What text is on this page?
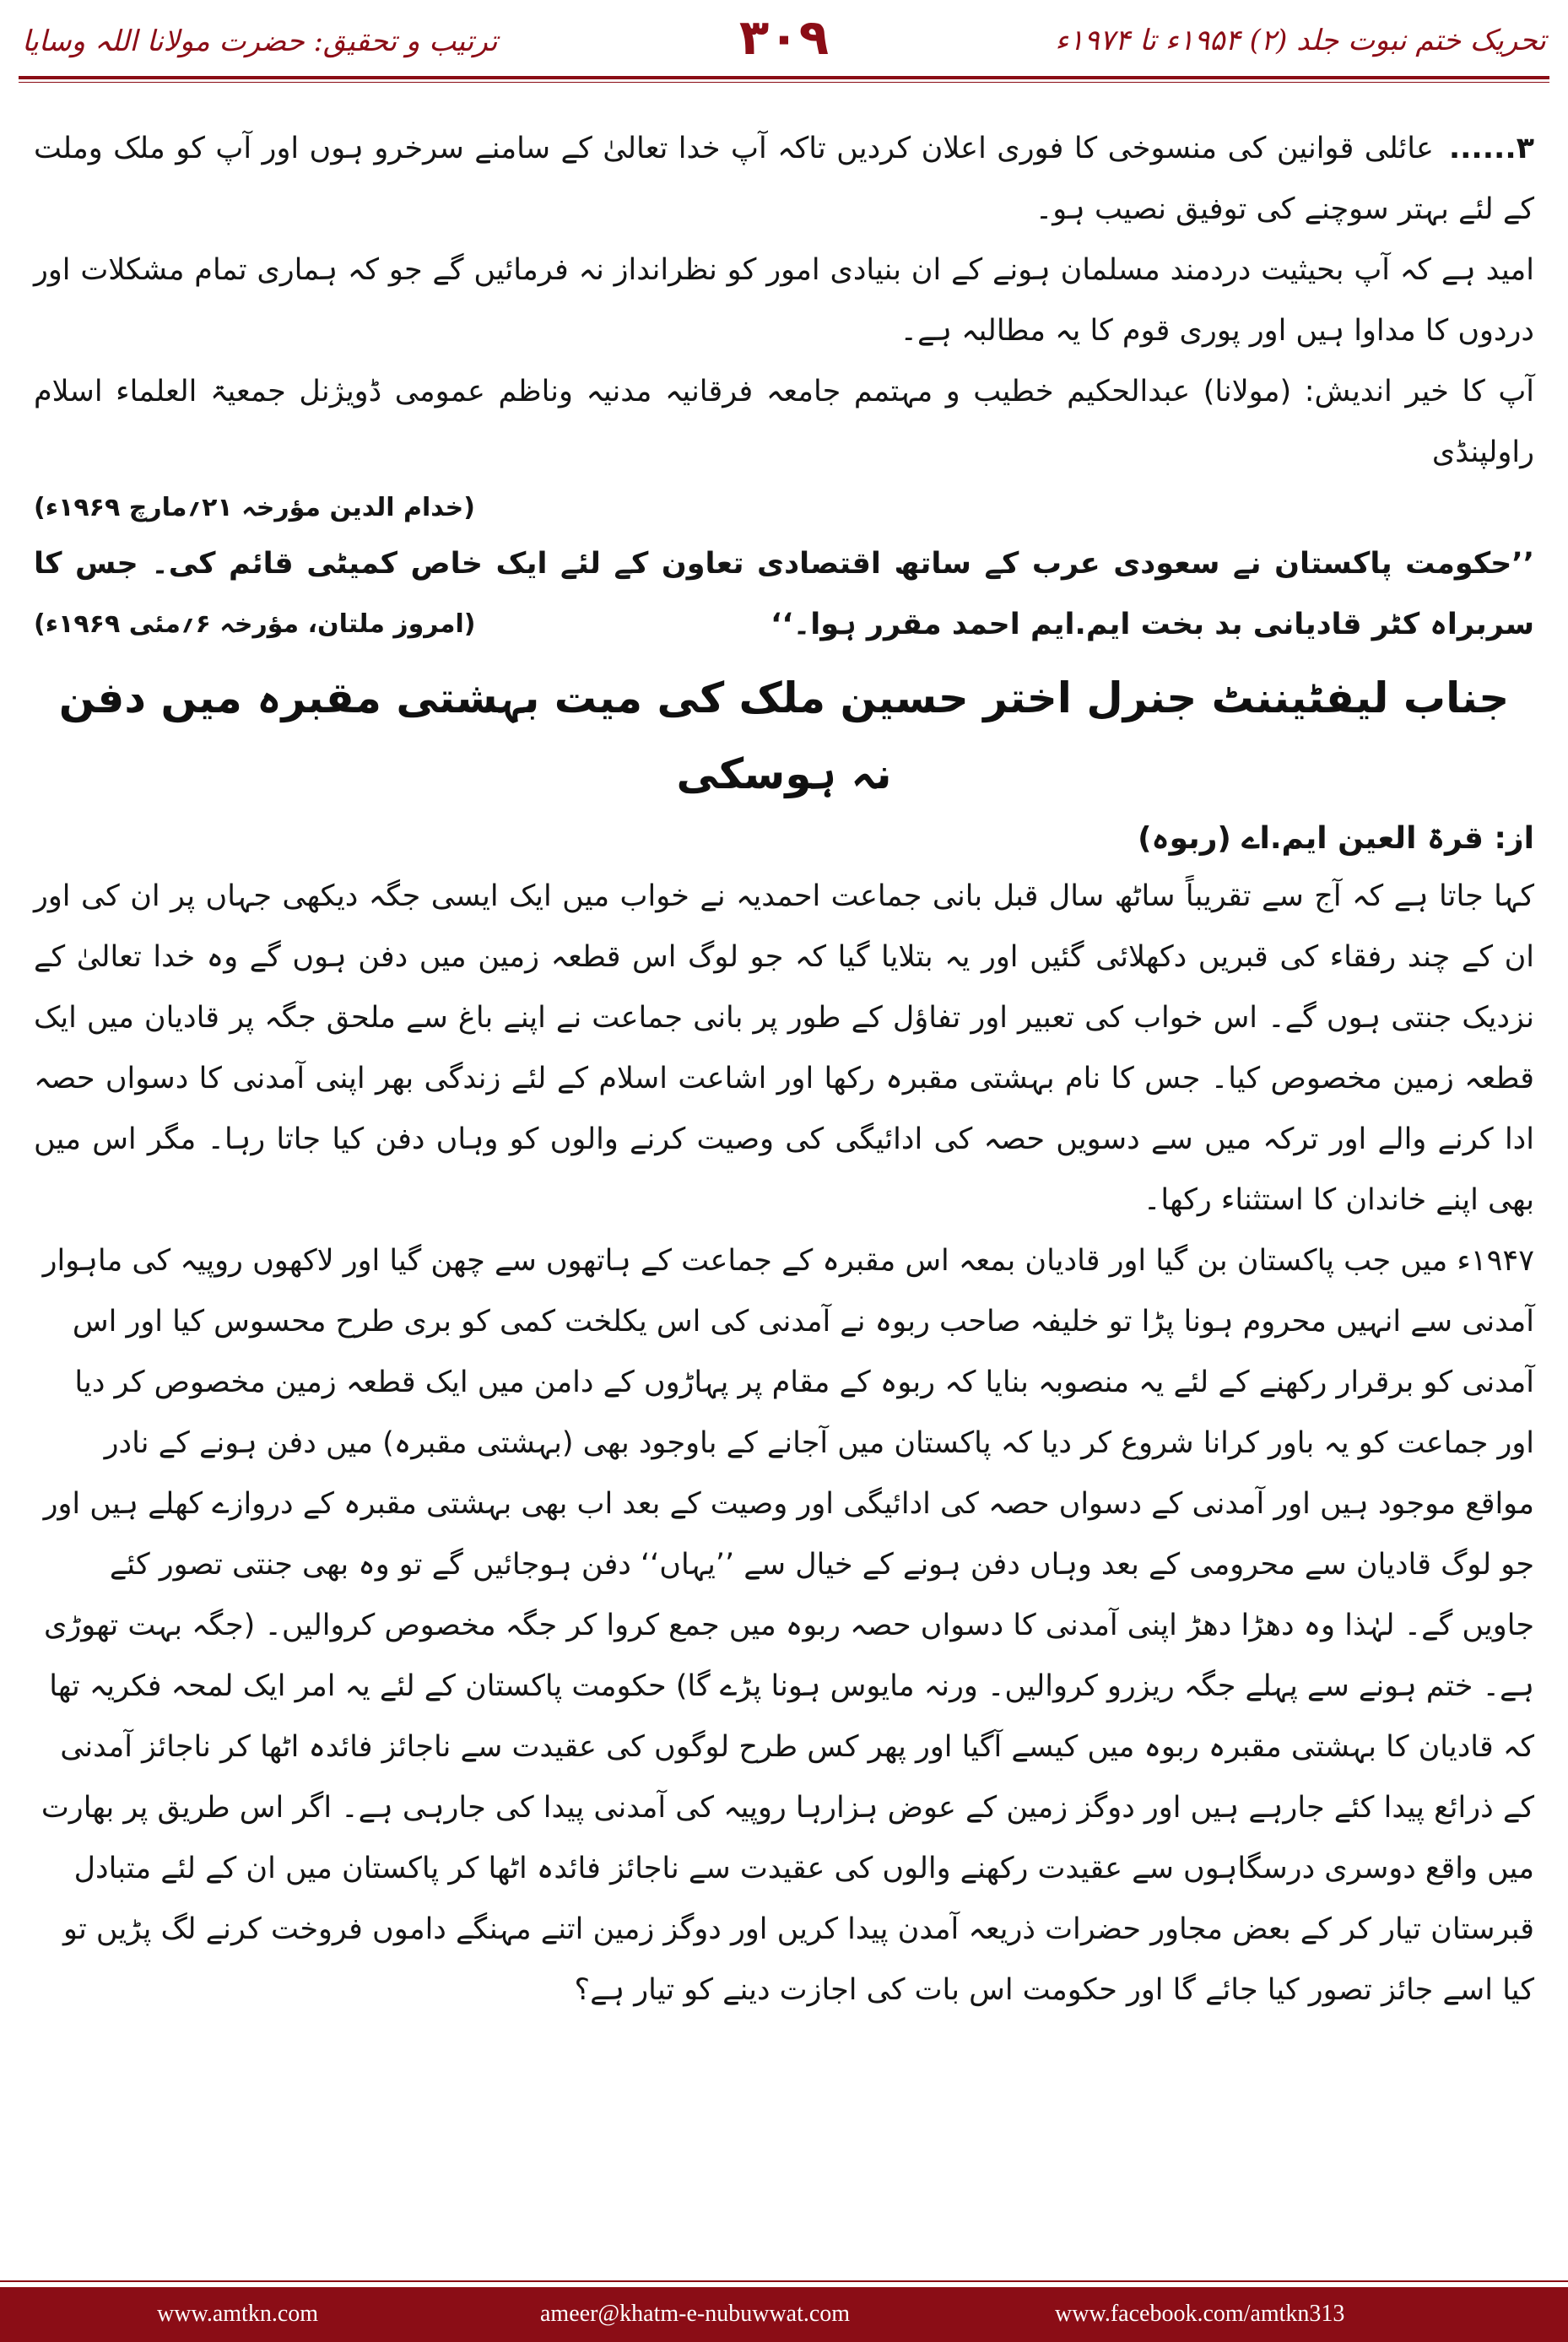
ترتیب و تحقیق: حضرت مولانا اللہ وسایا	۳۰۹	تحریک ختم نبوت جلد (۲) ۱۹۵۴ء تا ۱۹۷۴ء

۳......عائلی قوانین کی منسوخی کا فوری اعلان کردیں تاکہ آپ خدا تعالیٰ کے سامنے سرخرو ہوں اور آپ کو ملک وملت کے لئے بہتر سوچنے کی توفیق نصیب ہو۔

امید ہے کہ آپ بحیثیت دردمند مسلمان ہونے کے ان بنیادی امور کو نظرانداز نہ فرمائیں گے جو کہ ہماری تمام مشکلات اور دردوں کا مداوا ہیں اور پوری قوم کا یہ مطالبہ ہے۔

آپ کا خیر اندیش: (مولانا) عبدالحکیم خطیب و مہتمم جامعہ فرقانیہ مدنیہ وناظم عمومی ڈویژنل جمعیۃ العلماء اسلام راولپنڈی

(خدام الدین مؤرخہ ۲۱؍مارچ ۱۹۶۹ء)

’’حکومت پاکستان نے سعودی عرب کے ساتھ اقتصادی تعاون کے لئے ایک خاص کمیٹی قائم کی۔ جس کا سربراہ کٹر قادیانی بد بخت ایم.ایم احمد مقرر ہوا۔‘‘
(امروز ملتان، مؤرخہ ۶؍مئی ۱۹۶۹ء)

جناب لیفٹیننٹ جنرل اختر حسین ملک کی میت بہشتی مقبرہ میں دفن نہ ہوسکی

از: قرۃ العین ایم.اے (ربوہ)

کہا جاتا ہے کہ آج سے تقریباً ساٹھ سال قبل بانی جماعت احمدیہ نے خواب میں ایک ایسی جگہ دیکھی جہاں پر ان کی اور ان کے چند رفقاء کی قبریں دکھلائی گئیں اور یہ بتلایا گیا کہ جو لوگ اس قطعہ زمین میں دفن ہوں گے وہ خدا تعالیٰ کے نزدیک جنتی ہوں گے۔ اس خواب کی تعبیر اور تفاؤل کے طور پر بانی جماعت نے اپنے باغ سے ملحق جگہ پر قادیان میں ایک قطعہ زمین مخصوص کیا۔ جس کا نام بہشتی مقبرہ رکھا اور اشاعت اسلام کے لئے زندگی بھر اپنی آمدنی کا دسواں حصہ ادا کرنے والے اور ترکہ میں سے دسویں حصہ کی ادائیگی کی وصیت کرنے والوں کو وہاں دفن کیا جاتا رہا۔ مگر اس میں بھی اپنے خاندان کا استثناء رکھا۔

۱۹۴۷ء میں جب پاکستان بن گیا اور قادیان بمعہ اس مقبرہ کے جماعت کے ہاتھوں سے چھن گیا اور لاکھوں روپیہ کی ماہوار آمدنی سے انہیں محروم ہونا پڑا تو خلیفہ صاحب ربوہ نے آمدنی کی اس یکلخت کمی کو بری طرح محسوس کیا اور اس آمدنی کو برقرار رکھنے کے لئے یہ منصوبہ بنایا کہ ربوہ کے مقام پر پہاڑوں کے دامن میں ایک قطعہ زمین مخصوص کر دیا اور جماعت کو یہ باور کرانا شروع کر دیا کہ پاکستان میں آجانے کے باوجود بھی (بہشتی مقبرہ) میں دفن ہونے کے نادر مواقع موجود ہیں اور آمدنی کے دسواں حصہ کی ادائیگی اور وصیت کے بعد اب بھی بہشتی مقبرہ کے دروازے کھلے ہیں اور جو لوگ قادیان سے محرومی کے بعد وہاں دفن ہونے کے خیال سے ’’یہاں‘‘ دفن ہوجائیں گے تو وہ بھی جنتی تصور کئے جاویں گے۔ لہٰذا وہ دھڑا دھڑ اپنی آمدنی کا دسواں حصہ ربوہ میں جمع کروا کر جگہ مخصوص کروالیں۔ (جگہ بہت تھوڑی ہے۔ ختم ہونے سے پہلے جگہ ریزرو کروالیں۔ ورنہ مایوس ہونا پڑے گا) حکومت پاکستان کے لئے یہ امر ایک لمحہ فکریہ تھا کہ قادیان کا بہشتی مقبرہ ربوہ میں کیسے آگیا اور پھر کس طرح لوگوں کی عقیدت سے ناجائز فائدہ اٹھا کر ناجائز آمدنی کے ذرائع پیدا کئے جارہے ہیں اور دوگز زمین کے عوض ہزارہا روپیہ کی آمدنی پیدا کی جارہی ہے۔ اگر اس طریق پر بھارت میں واقع دوسری درسگاہوں سے عقیدت رکھنے والوں کی عقیدت سے ناجائز فائدہ اٹھا کر پاکستان میں ان کے لئے متبادل قبرستان تیار کر کے بعض مجاور حضرات ذریعہ آمدن پیدا کریں اور دوگز زمین اتنے مہنگے داموں فروخت کرنے لگ پڑیں تو کیا اسے جائز تصور کیا جائے گا اور حکومت اس بات کی اجازت دینے کو تیار ہے؟

www.amtkn.com	ameer@khatm-e-nubuwwat.com	www.facebook.com/amtkn313
